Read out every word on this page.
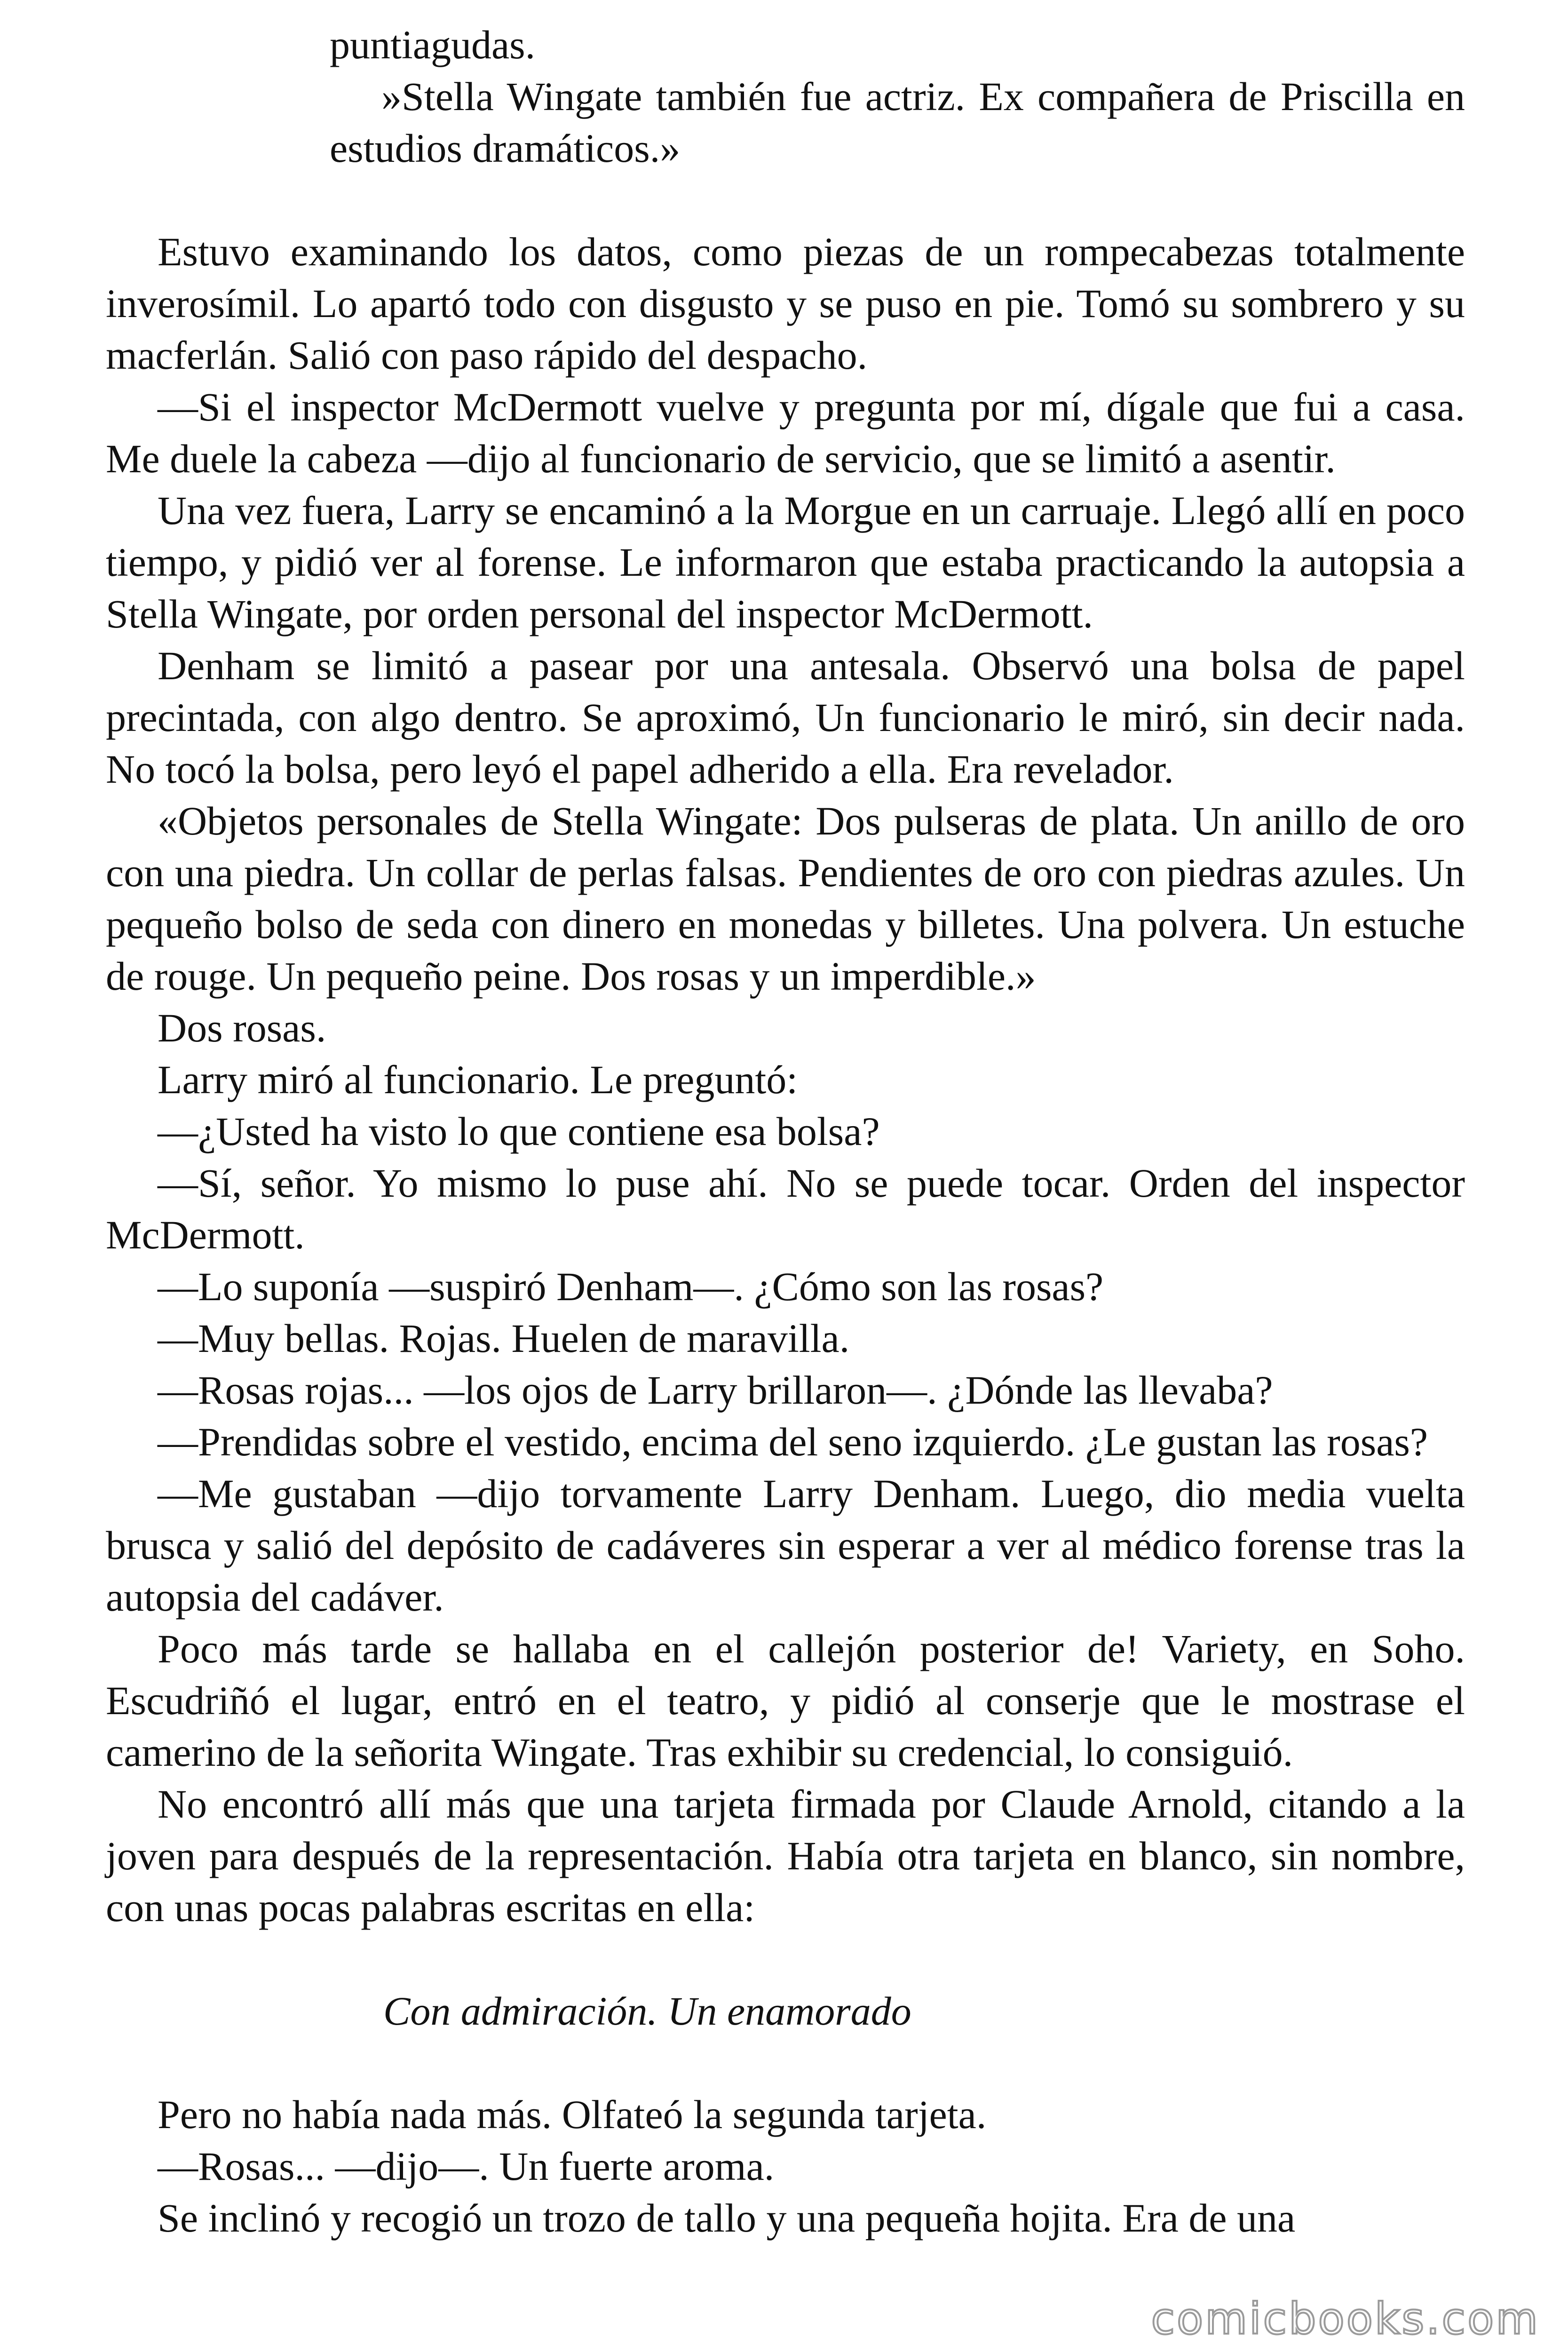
puntiagudas.

»Stella Wingate también fue actriz. Ex compañera de Priscilla en estudios dramáticos.»

Estuvo examinando los datos, como piezas de un rompecabezas totalmente inverosímil. Lo apartó todo con disgusto y se puso en pie. Tomó su sombrero y su macferlán. Salió con paso rápido del despacho.

—Si el inspector McDermott vuelve y pregunta por mí, dígale que fui a casa. Me duele la cabeza —dijo al funcionario de servicio, que se limitó a asentir.

Una vez fuera, Larry se encaminó a la Morgue en un carruaje. Llegó allí en poco tiempo, y pidió ver al forense. Le informaron que estaba practicando la autopsia a Stella Wingate, por orden personal del inspector McDermott.

Denham se limitó a pasear por una antesala. Observó una bolsa de papel precintada, con algo dentro. Se aproximó, Un funcionario le miró, sin decir nada. No tocó la bolsa, pero leyó el papel adherido a ella. Era revelador.

«Objetos personales de Stella Wingate: Dos pulseras de plata. Un anillo de oro con una piedra. Un collar de perlas falsas. Pendientes de oro con piedras azules. Un pequeño bolso de seda con dinero en monedas y billetes. Una polvera. Un estuche de rouge. Un pequeño peine. Dos rosas y un imperdible.»

Dos rosas.

Larry miró al funcionario. Le preguntó:

—¿Usted ha visto lo que contiene esa bolsa?

—Sí, señor. Yo mismo lo puse ahí. No se puede tocar. Orden del inspector McDermott.

—Lo suponía —suspiró Denham—. ¿Cómo son las rosas?

—Muy bellas. Rojas. Huelen de maravilla.

—Rosas rojas... —los ojos de Larry brillaron—. ¿Dónde las llevaba?

—Prendidas sobre el vestido, encima del seno izquierdo. ¿Le gustan las rosas?

—Me gustaban —dijo torvamente Larry Denham. Luego, dio media vuelta brusca y salió del depósito de cadáveres sin esperar a ver al médico forense tras la autopsia del cadáver.

Poco más tarde se hallaba en el callejón posterior de! Variety, en Soho. Escudriñó el lugar, entró en el teatro, y pidió al conserje que le mostrase el camerino de la señorita Wingate. Tras exhibir su credencial, lo consiguió.

No encontró allí más que una tarjeta firmada por Claude Arnold, citando a la joven para después de la representación. Había otra tarjeta en blanco, sin nombre, con unas pocas palabras escritas en ella:

Con admiración. Un enamorado

Pero no había nada más. Olfateó la segunda tarjeta.

—Rosas... —dijo—. Un fuerte aroma.

Se inclinó y recogió un trozo de tallo y una pequeña hojita. Era de una

comicbooks.com
